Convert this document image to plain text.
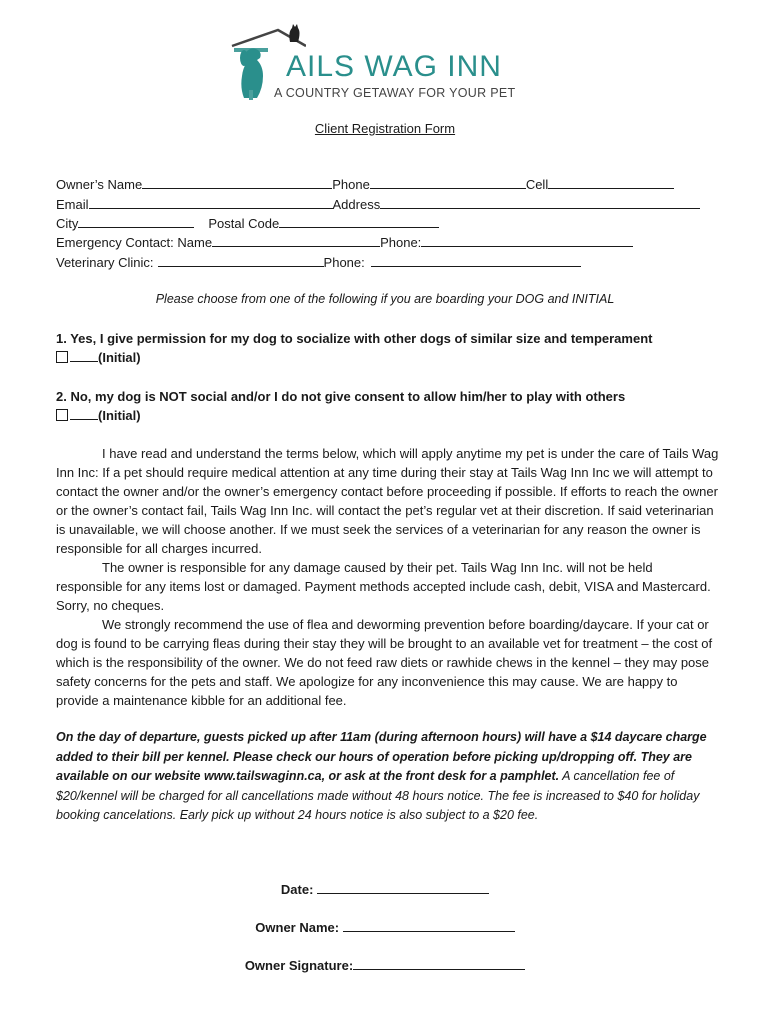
AILS WAG INN
A COUNTRY GETAWAY FOR YOUR PET
Client Registration Form
Owner’s Name	Phone	Cell
Email	Address
City	Postal Code
Emergency Contact: Name	Phone:
Veterinary Clinic:	Phone:
Please choose from one of the following if you are boarding your DOG and INITIAL
1. Yes, I give permission for my dog to socialize with other dogs of similar size and temperament
(Initial)
2. No, my dog is NOT social and/or I do not give consent to allow him/her to play with others
(Initial)

I have read and understand the terms below, which will apply anytime my pet is under the care of Tails Wag Inn Inc: If a pet should require medical attention at any time during their stay at Tails Wag Inn Inc we will attempt to contact the owner and/or the owner’s emergency contact before proceeding if possible. If efforts to reach the owner or the owner’s contact fail, Tails Wag Inn Inc. will contact the pet’s regular vet at their discretion. If said veterinarian is unavailable, we will choose another. If we must seek the services of a veterinarian for any reason the owner is responsible for all charges incurred.

The owner is responsible for any damage caused by their pet. Tails Wag Inn Inc. will not be held responsible for any items lost or damaged. Payment methods accepted include cash, debit, VISA and Mastercard. Sorry, no cheques.

We strongly recommend the use of flea and deworming prevention before boarding/daycare. If your cat or dog is found to be carrying fleas during their stay they will be brought to an available vet for treatment – the cost of which is the responsibility of the owner. We do not feed raw diets or rawhide chews in the kennel – they may pose safety concerns for the pets and staff. We apologize for any inconvenience this may cause. We are happy to provide a maintenance kibble for an additional fee.

On the day of departure, guests picked up after 11am (during afternoon hours) will have a $14 daycare charge added to their bill per kennel. Please check our hours of operation before picking up/dropping off. They are available on our website www.tailswaginn.ca, or ask at the front desk for a pamphlet. A cancellation fee of $20/kennel will be charged for all cancellations made without 48 hours notice. The fee is increased to $40 for holiday booking cancelations. Early pick up without 24 hours notice is also subject to a $20 fee.

Date:
Owner Name:
Owner Signature:
